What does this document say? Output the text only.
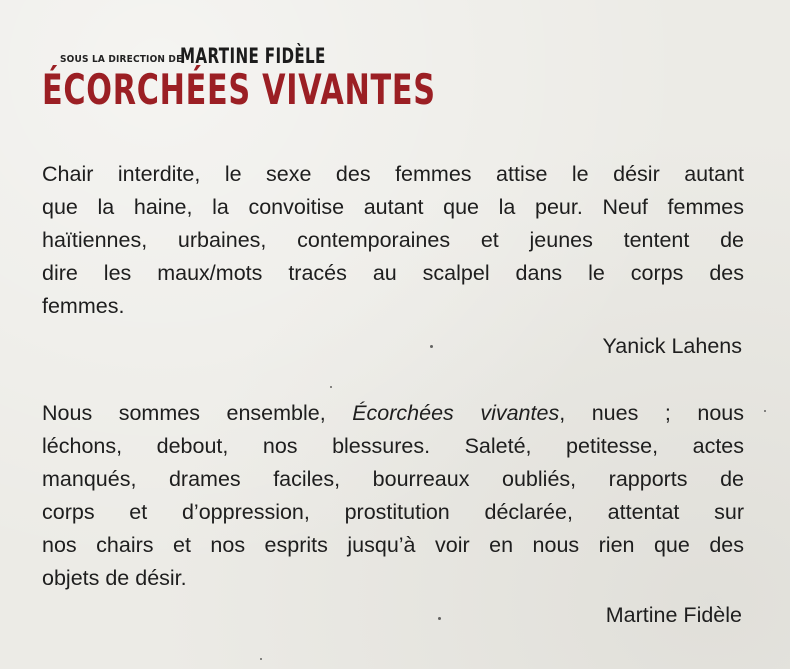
SOUS LA DIRECTION DE
MARTINE FIDÈLE
ÉCORCHÉES VIVANTES
Chair interdite, le sexe des femmes attise le désir autant
que la haine, la convoitise autant que la peur. Neuf femmes
haïtiennes, urbaines, contemporaines et jeunes tentent de
dire les maux/mots tracés au scalpel dans le corps des
femmes.
Yanick Lahens
Nous sommes ensemble, Écorchées vivantes, nues ; nous
léchons, debout, nos blessures. Saleté, petitesse, actes
manqués, drames faciles, bourreaux oubliés, rapports de
corps et d’oppression, prostitution déclarée, attentat sur
nos chairs et nos esprits jusqu’à voir en nous rien que des
objets de désir.
Martine Fidèle
